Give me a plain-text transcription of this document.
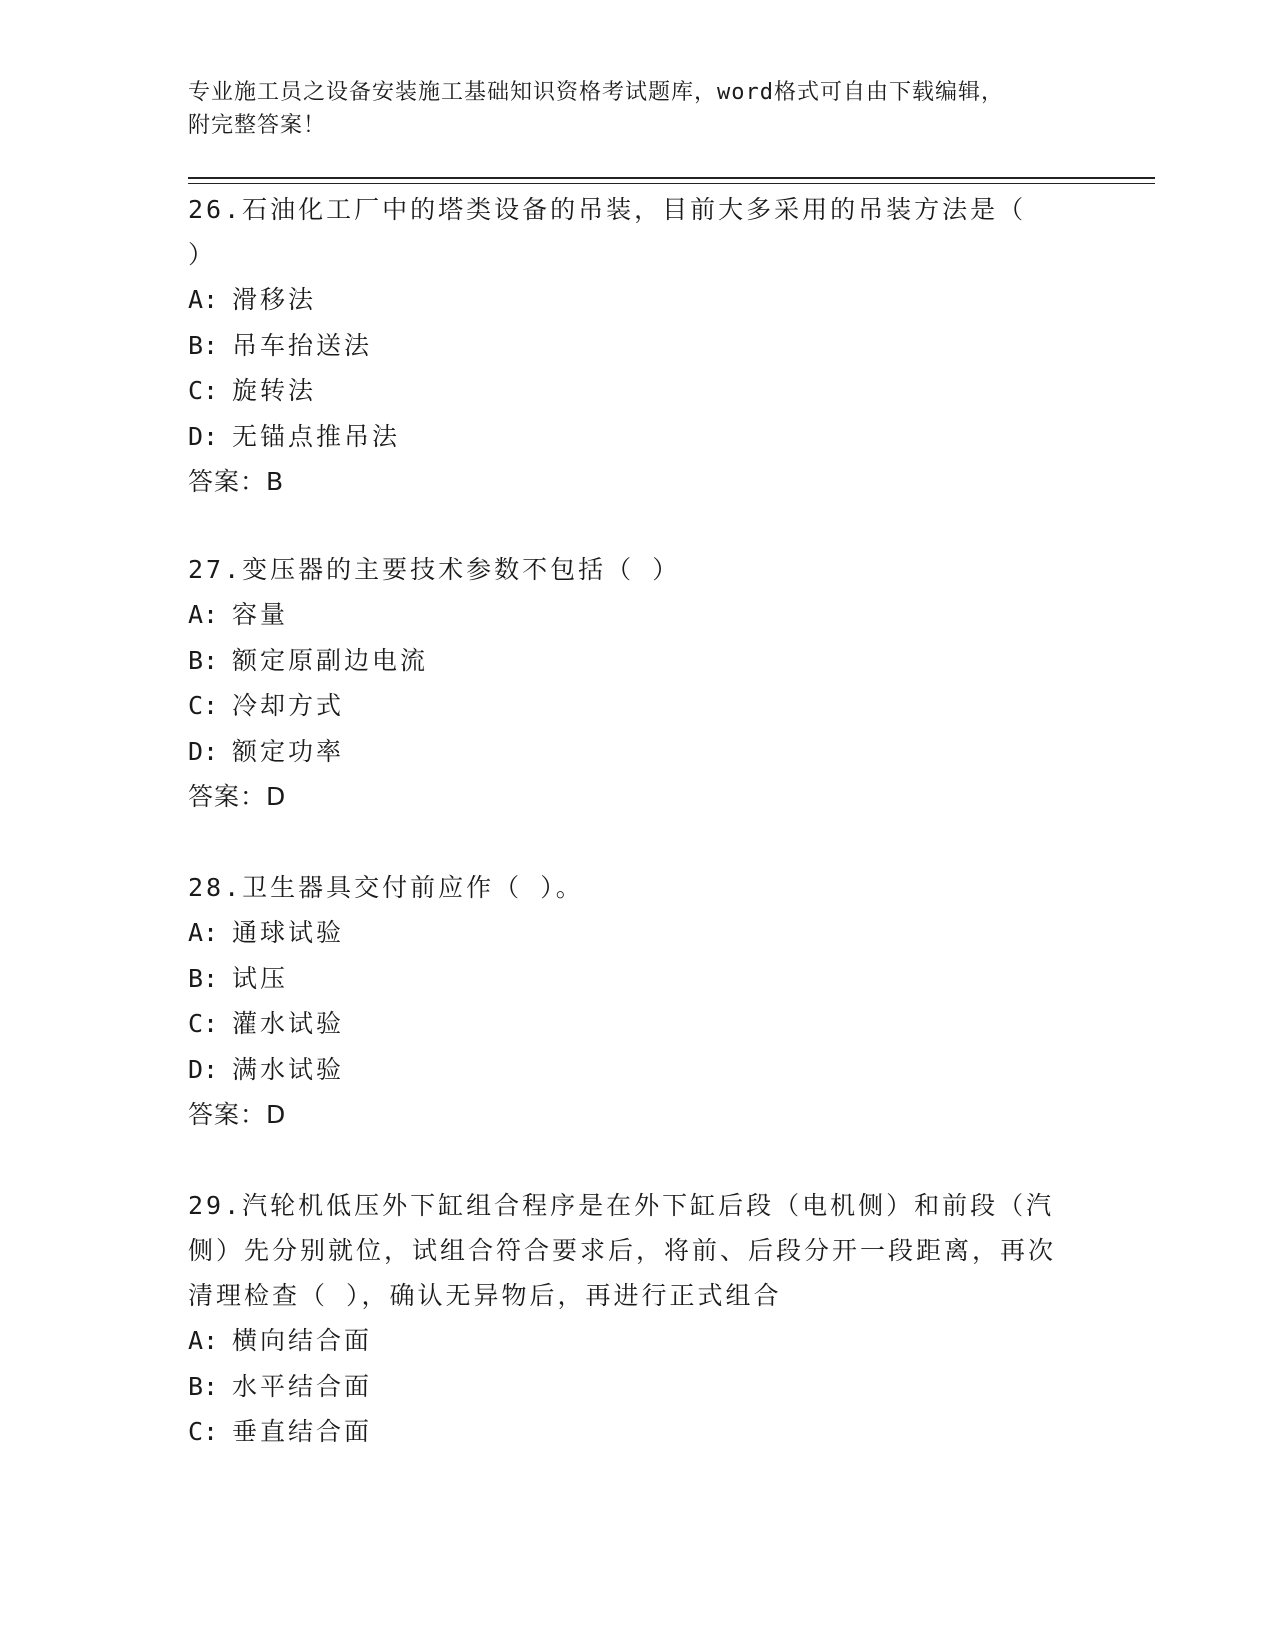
专业施工员之设备安装施工基础知识资格考试题库，word格式可自由下载编辑，
附完整答案！
26.石油化工厂中的塔类设备的吊装，目前大多采用的吊装方法是（ ）
A: 滑移法
B: 吊车抬送法
C: 旋转法
D: 无锚点推吊法
答案：B
27.变压器的主要技术参数不包括（ ）
A: 容量
B: 额定原副边电流
C: 冷却方式
D: 额定功率
答案：D
28.卫生器具交付前应作（ ）。
A: 通球试验
B: 试压
C: 灌水试验
D: 满水试验
答案：D
29.汽轮机低压外下缸组合程序是在外下缸后段（电机侧）和前段（汽侧）先分别就位，试组合符合要求后，将前、后段分开一段距离，再次清理检查（ ），确认无异物后，再进行正式组合
A: 横向结合面
B: 水平结合面
C: 垂直结合面
